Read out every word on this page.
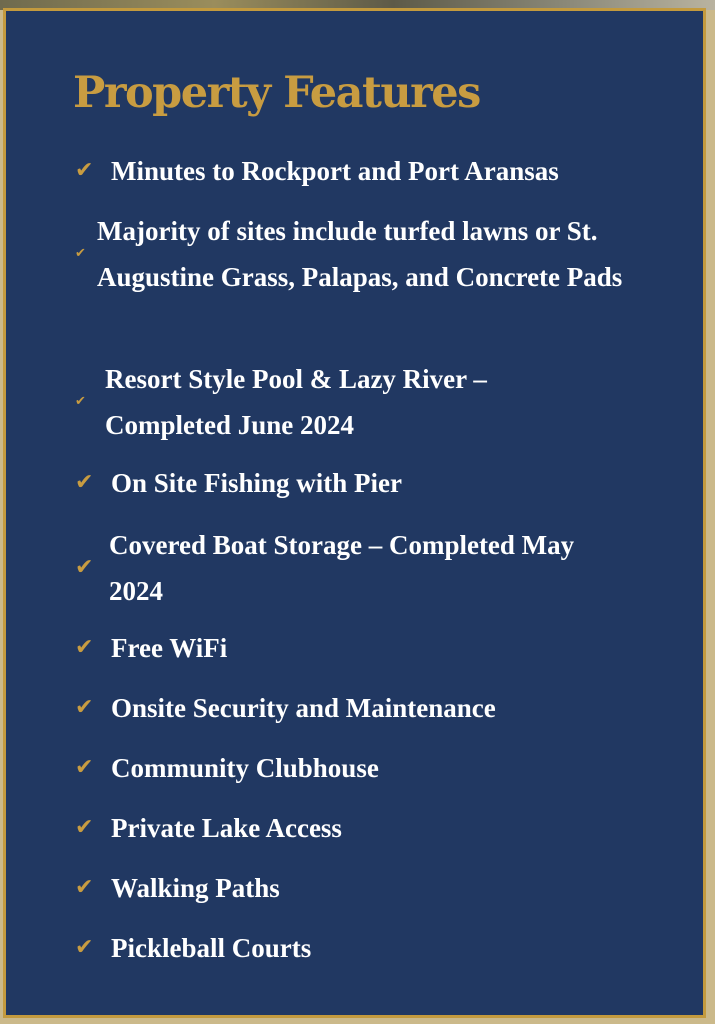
Property Features
✔ Minutes to Rockport and Port Aransas
✔
Majority of sites include turfed lawns or St. Augustine Grass, Palapas, and Concrete Pads
✔
Resort Style Pool & Lazy River – Completed June 2024
✔ On Site Fishing with Pier
✔
Covered Boat Storage – Completed May 2024
✔ Free WiFi
✔ Onsite Security and Maintenance
✔ Community Clubhouse
✔ Private Lake Access
✔ Walking Paths
✔ Pickleball Courts
